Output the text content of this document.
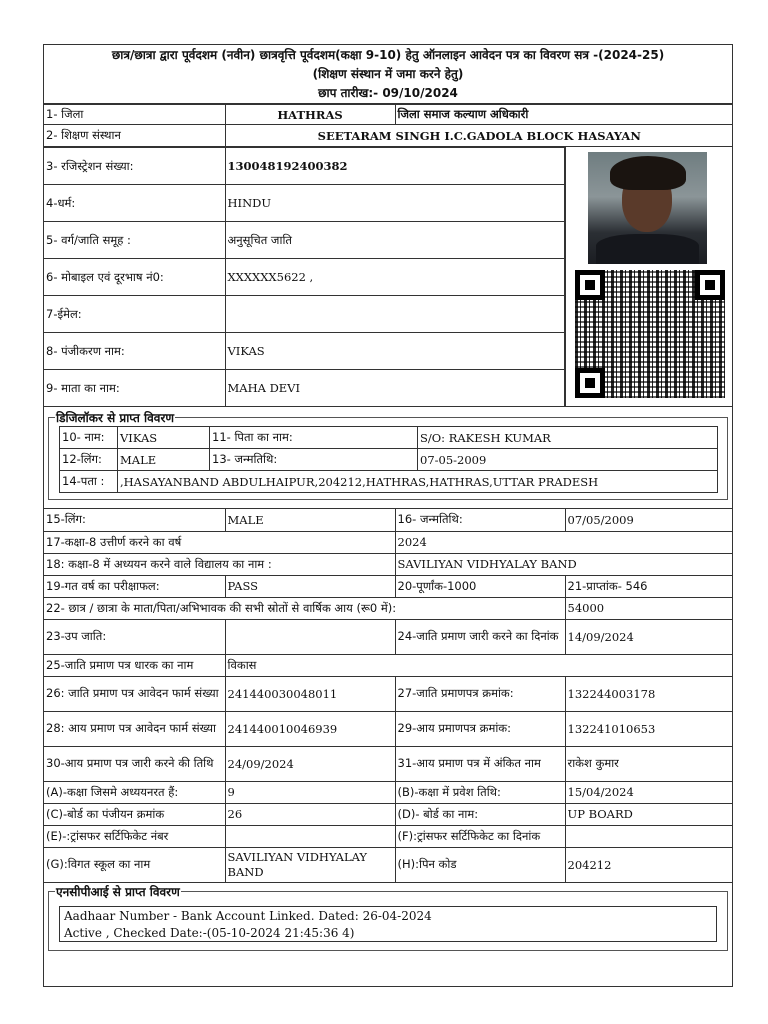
छात्र/छात्रा द्वारा पूर्वदशम (नवीन) छात्रवृत्ति पूर्वदशम(कक्षा 9-10) हेतु ऑनलाइन आवेदन पत्र का विवरण सत्र -(2024-25)
(शिक्षण संस्थान में जमा करने हेतु)
छाप तारीख:- 09/10/2024
1- जिला	HATHRAS	जिला समाज कल्याण अधिकारी
2- शिक्षण संस्थान	SEETARAM SINGH I.C.GADOLA BLOCK HASAYAN	
3- रजिस्ट्रेशन संख्या:	130048192400382
4-धर्म:	HINDU
5- वर्ग/जाति समूह :	अनुसूचित जाति
6- मोबाइल एवं दूरभाष नं0:	XXXXXX5622 ,
7-ईमेल:	
8- पंजीकरण नाम:	VIKAS
9- माता का नाम:	MAHA DEVI
डिजिलॉकर से प्राप्त विवरण
10- नाम:	VIKAS	11- पिता का नाम:	S/O: RAKESH KUMAR
12-लिंग:	MALE	13- जन्मतिथि:	07-05-2009
14-पता :	,HASAYANBAND ABDULHAIPUR,204212,HATHRAS,HATHRAS,UTTAR PRADESH		
15-लिंग:	MALE	16- जन्मतिथि:	07/05/2009
17-कक्षा-8 उत्तीर्ण करने का वर्ष		2024	
18: कक्षा-8 में अध्ययन करने वाले विद्यालय का नाम :		SAVILIYAN VIDHYALAY BAND	
19-गत वर्ष का परीक्षाफल:	PASS	20-पूर्णांक-1000	21-प्राप्तांक- 546
22- छात्र / छात्रा के माता/पिता/अभिभावक की सभी स्रोतों से वार्षिक आय (रू0 में):			54000
23-उप जाति:		24-जाति प्रमाण जारी करने का दिनांक	14/09/2024
25-जाति प्रमाण पत्र धारक का नाम	विकास		
26: जाति प्रमाण पत्र आवेदन फार्म संख्या	241440030048011	27-जाति प्रमाणपत्र क्रमांक:	132244003178
28: आय प्रमाण पत्र आवेदन फार्म संख्या	241440010046939	29-आय प्रमाणपत्र क्रमांक:	132241010653
30-आय प्रमाण पत्र जारी करने की तिथि	24/09/2024	31-आय प्रमाण पत्र में अंकित नाम	राकेश कुमार
(A)-कक्षा जिसमे अध्ययनरत हैं:	9	(B)-कक्षा में प्रवेश तिथि:	15/04/2024
(C)-बोर्ड का पंजीयन क्रमांक	26	(D)- बोर्ड का नाम:	UP BOARD
(E)-:ट्रांसफर सर्टिफिकेट नंबर		(F):ट्रांसफर सर्टिफिकेट का दिनांक	
(G):विगत स्कूल का नाम	SAVILIYAN VIDHYALAY BAND	(H):पिन कोड	204212
एनसीपीआई से प्राप्त विवरण
Aadhaar Number - Bank Account Linked. Dated: 26-04-2024
Active , Checked Date:-(05-10-2024 21:45:36 4)
